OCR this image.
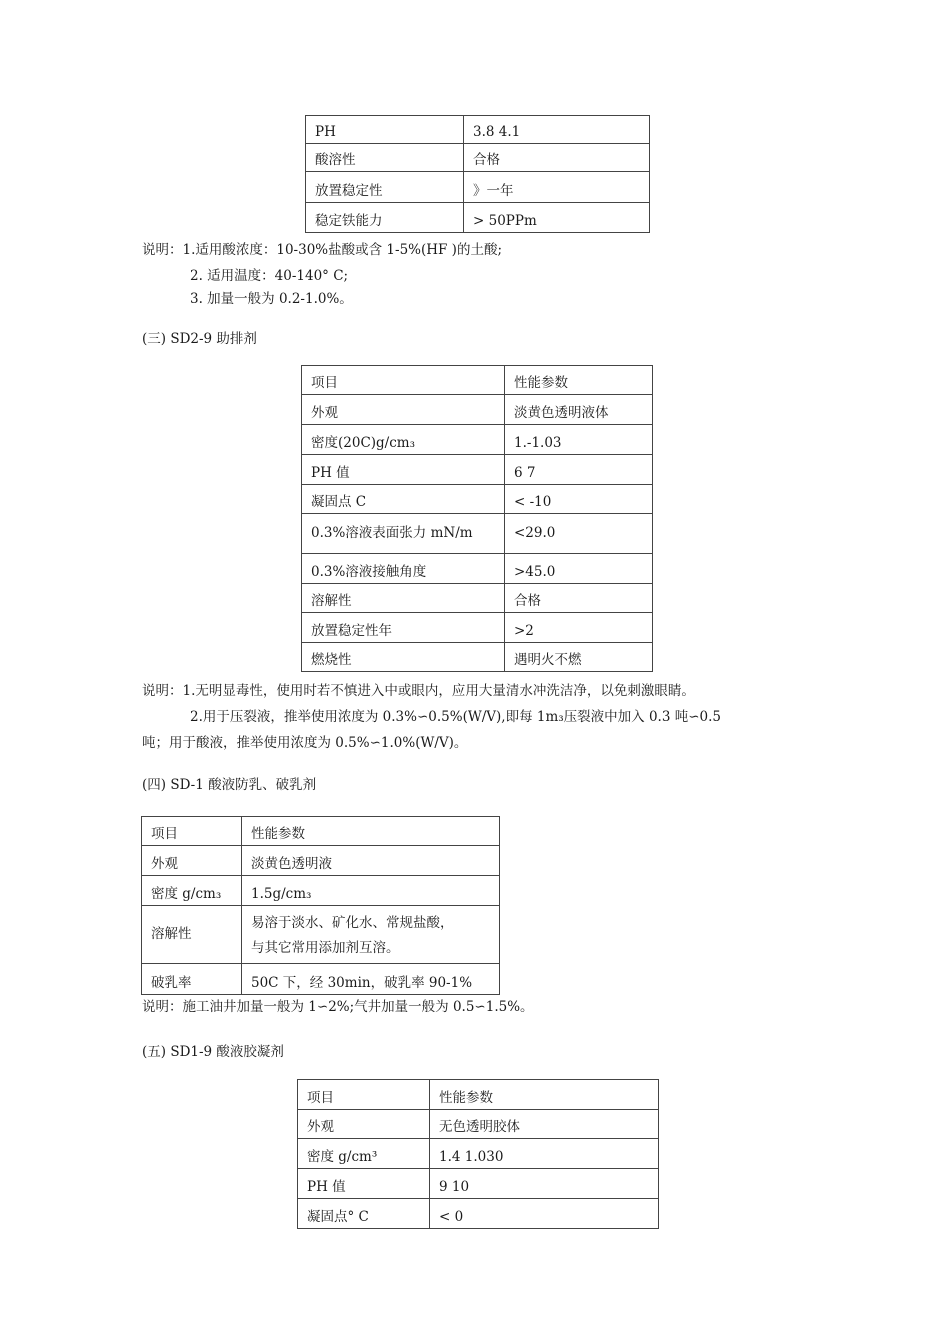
PH	3.8 4.1
酸溶性	合格
放置稳定性	》一年
稳定铁能力	> 50PPm
说明：1.适用酸浓度：10-30%盐酸或含 1-5%(HF )的土酸;
2. 适用温度：40-140° C;
3. 加量一般为 0.2-1.0%。
(三) SD2-9 助排剂
项目	性能参数
外观	淡黄色透明液体
密度(20C)g/cm₃	1.-1.03
PH 值	6 7
凝固点 C	< -10
0.3%溶液表面张力 mN/m	<29.0
0.3%溶液接触角度	>45.0
溶解性	合格
放置稳定性年	>2
燃烧性	遇明火不燃
说明：1.无明显毒性，使用时若不慎进入中或眼内，应用大量清水冲洗洁净，以免刺激眼睛。
2.用于压裂液，推举使用浓度为 0.3%∽0.5%(W/V),即每 1m₃压裂液中加入 0.3 吨∽0.5
吨；用于酸液，推举使用浓度为 0.5%∽1.0%(W/V)。
(四) SD-1 酸液防乳、破乳剂
项目	性能参数
外观	淡黄色透明液
密度 g/cm₃	1.5g/cm₃
溶解性	易溶于淡水、矿化水、常规盐酸，
与其它常用添加剂互溶。

破乳率	50C 下，经 30min，破乳率 90-1%
说明：施工油井加量一般为 1∽2%;气井加量一般为 0.5∽1.5%。
(五) SD1-9 酸液胶凝剂
项目	性能参数
外观	无色透明胶体
密度 g/cm³	1.4 1.030
PH 值	9 10
凝固点° C	< 0
